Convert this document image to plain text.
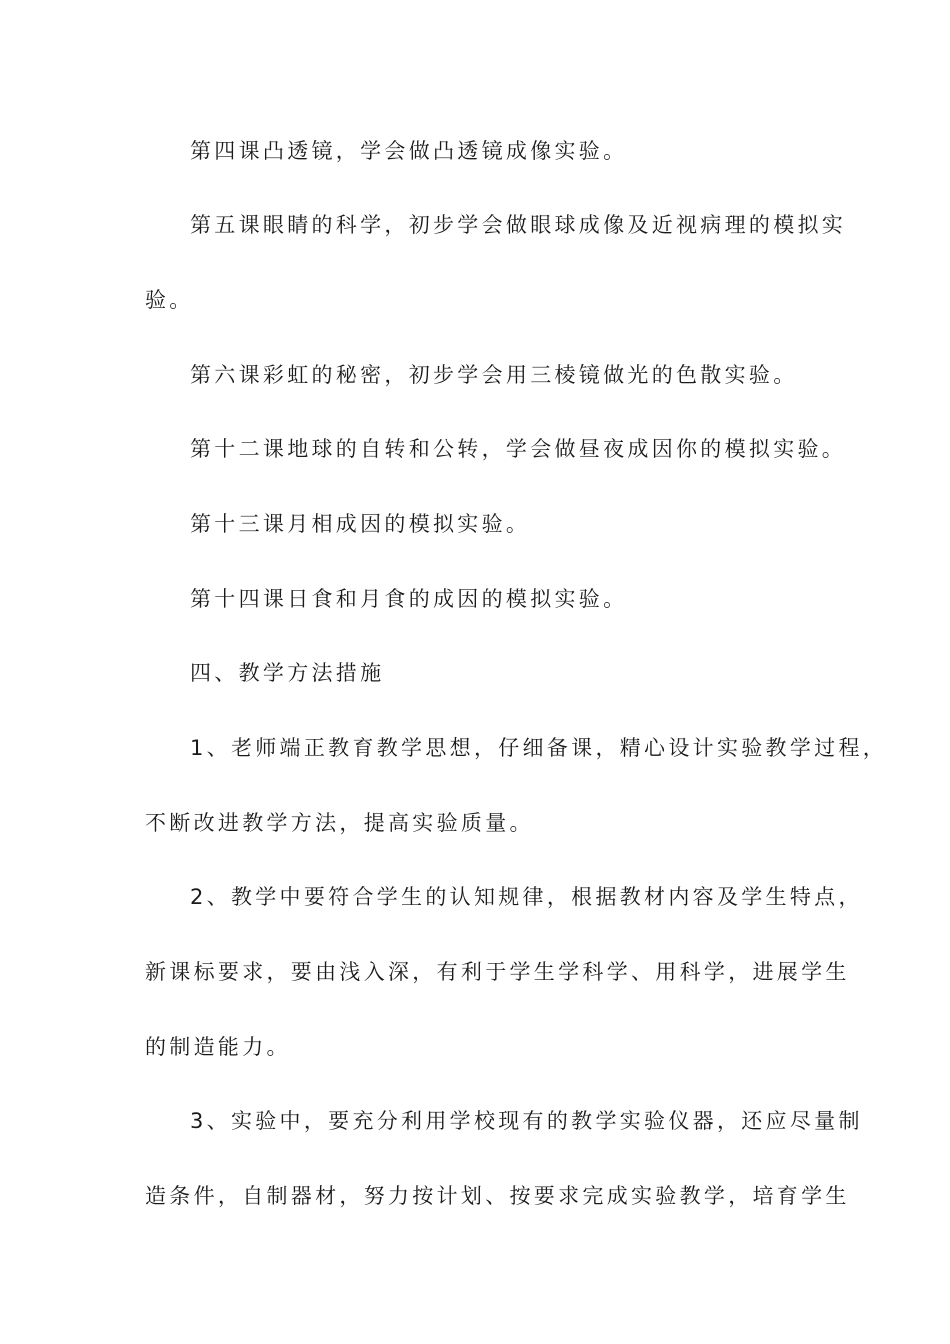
第四课凸透镜，学会做凸透镜成像实验。
第五课眼睛的科学，初步学会做眼球成像及近视病理的模拟实
验。
第六课彩虹的秘密，初步学会用三棱镜做光的色散实验。
第十二课地球的自转和公转，学会做昼夜成因你的模拟实验。
第十三课月相成因的模拟实验。
第十四课日食和月食的成因的模拟实验。
四、教学方法措施
1、老师端正教育教学思想，仔细备课，精心设计实验教学过程，
不断改进教学方法，提高实验质量。
2、教学中要符合学生的认知规律，根据教材内容及学生特点，
新课标要求，要由浅入深，有利于学生学科学、用科学，进展学生
的制造能力。
3、实验中，要充分利用学校现有的教学实验仪器，还应尽量制
造条件，自制器材，努力按计划、按要求完成实验教学，培育学生
